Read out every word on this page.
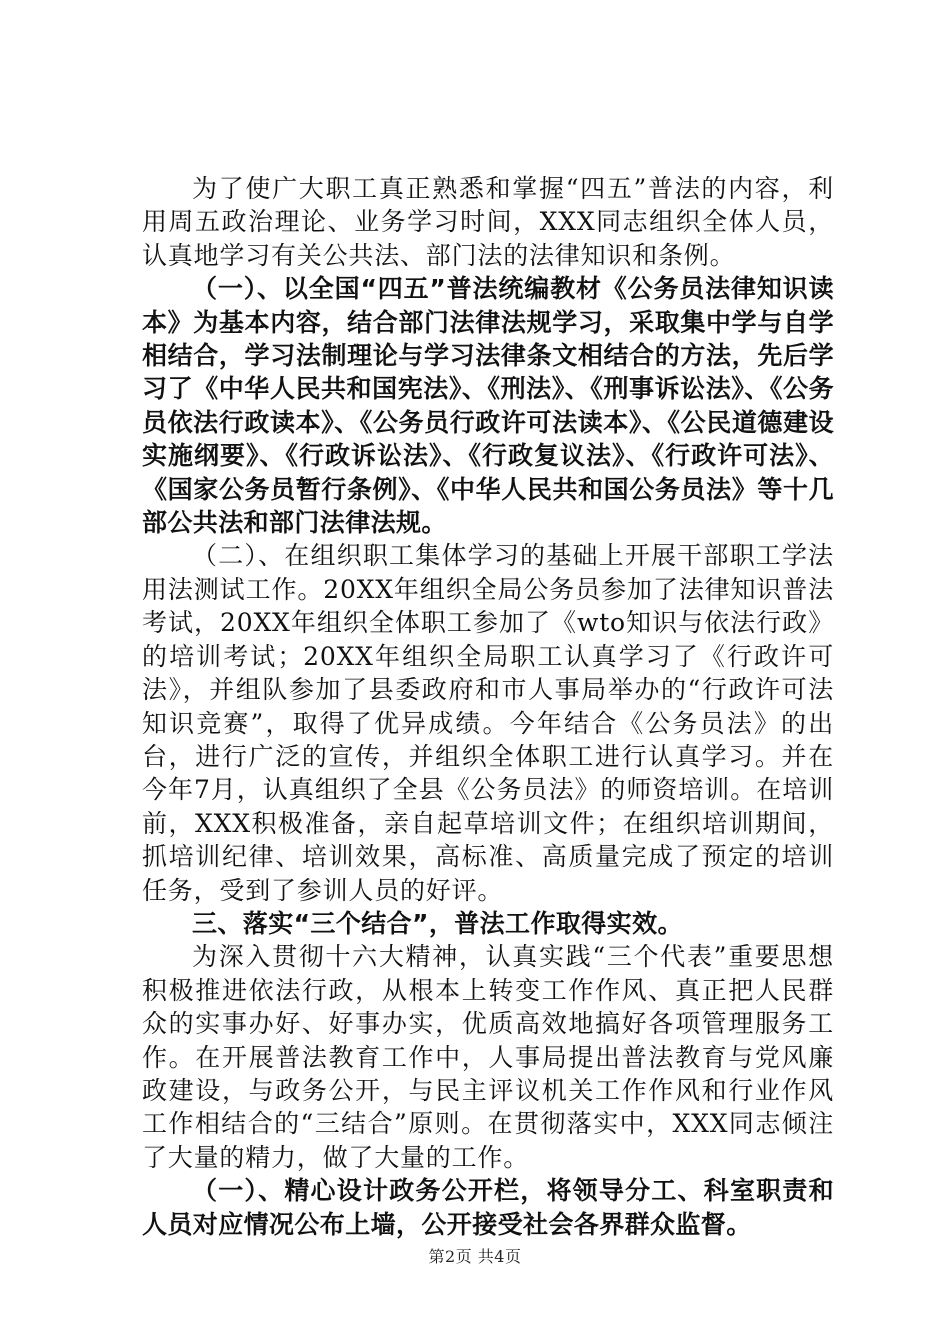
为了使广大职工真正熟悉和掌握“四五”普法的内容，利用周五政治理论、业务学习时间，XXX同志组织全体人员，认真地学习有关公共法、部门法的法律知识和条例。

（一）、以全国“四五”普法统编教材《公务员法律知识读本》为基本内容，结合部门法律法规学习，采取集中学与自学相结合，学习法制理论与学习法律条文相结合的方法，先后学习了《中华人民共和国宪法》、《刑法》、《刑事诉讼法》、《公务员依法行政读本》、《公务员行政许可法读本》、《公民道德建设实施纲要》、《行政诉讼法》、《行政复议法》、《行政许可法》、《国家公务员暂行条例》、《中华人民共和国公务员法》等十几部公共法和部门法律法规。

（二）、在组织职工集体学习的基础上开展干部职工学法用法测试工作。20XX年组织全局公务员参加了法律知识普法考试，20XX年组织全体职工参加了《wto知识与依法行政》的培训考试；20XX年组织全局职工认真学习了《行政许可法》，并组队参加了县委政府和市人事局举办的“行政许可法知识竞赛”，取得了优异成绩。今年结合《公务员法》的出台，进行广泛的宣传，并组织全体职工进行认真学习。并在今年7月，认真组织了全县《公务员法》的师资培训。在培训前，XXX积极准备，亲自起草培训文件；在组织培训期间，抓培训纪律、培训效果，高标准、高质量完成了预定的培训任务，受到了参训人员的好评。

三、落实“三个结合”，普法工作取得实效。

为深入贯彻十六大精神，认真实践“三个代表”重要思想积极推进依法行政，从根本上转变工作作风、真正把人民群众的实事办好、好事办实，优质高效地搞好各项管理服务工作。在开展普法教育工作中，人事局提出普法教育与党风廉政建设，与政务公开，与民主评议机关工作作风和行业作风工作相结合的“三结合”原则。在贯彻落实中，XXX同志倾注了大量的精力，做了大量的工作。

（一）、精心设计政务公开栏，将领导分工、科室职责和人员对应情况公布上墙，公开接受社会各界群众监督。

第2页 共4页
